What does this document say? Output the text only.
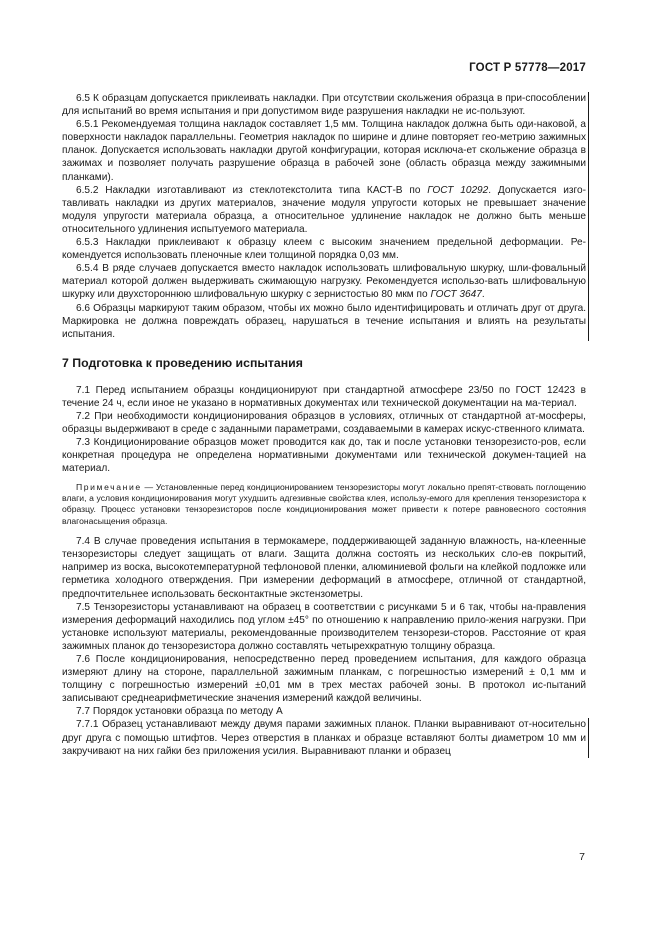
ГОСТ Р 57778—2017

6.5 К образцам допускается приклеивать накладки. При отсутствии скольжения образца в при-способлении для испытаний во время испытания и при допустимом виде разрушения накладки не ис-пользуют.

6.5.1 Рекомендуемая толщина накладок составляет 1,5 мм. Толщина накладок должна быть оди-наковой, а поверхности накладок параллельны. Геометрия накладок по ширине и длине повторяет гео-метрию зажимных планок. Допускается использовать накладки другой конфигурации, которая исключа-ет скольжение образца в зажимах и позволяет получать разрушение образца в рабочей зоне (область образца между зажимными планками).

6.5.2 Накладки изготавливают из стеклотекстолита типа КАСТ-В по ГОСТ 10292. Допускается изго-тавливать накладки из других материалов, значение модуля упругости которых не превышает значение модуля упругости материала образца, а относительное удлинение накладок не должно быть меньше относительного удлинения испытуемого материала.

6.5.3 Накладки приклеивают к образцу клеем с высоким значением предельной деформации. Ре-комендуется использовать пленочные клеи толщиной порядка 0,03 мм.

6.5.4 В ряде случаев допускается вместо накладок использовать шлифовальную шкурку, шли-фовальный материал которой должен выдерживать сжимающую нагрузку. Рекомендуется использо-вать шлифовальную шкурку или двухстороннюю шлифовальную шкурку с зернистостью 80 мкм по ГОСТ 3647.

6.6 Образцы маркируют таким образом, чтобы их можно было идентифицировать и отличать друг от друга. Маркировка не должна повреждать образец, нарушаться в течение испытания и влиять на результаты испытания.

7 Подготовка к проведению испытания

7.1 Перед испытанием образцы кондиционируют при стандартной атмосфере 23/50 по ГОСТ 12423 в течение 24 ч, если иное не указано в нормативных документах или технической документации на ма-териал.

7.2 При необходимости кондиционирования образцов в условиях, отличных от стандартной ат-мосферы, образцы выдерживают в среде с заданными параметрами, создаваемыми в камерах искус-ственного климата.

7.3 Кондиционирование образцов может проводится как до, так и после установки тензорезисто-ров, если конкретная процедура не определена нормативными документами или технической докумен-тацией на материал.

Примечание — Установленные перед кондиционированием тензорезисторы могут локально препят-ствовать поглощению влаги, а условия кондиционирования могут ухудшить адгезивные свойства клея, использу-емого для крепления тензорезистора к образцу. Процесс установки тензорезисторов после кондиционирования может привести к потере равновесного состояния влагонасыщения образца.

7.4 В случае проведения испытания в термокамере, поддерживающей заданную влажность, на-клеенные тензорезисторы следует защищать от влаги. Защита должна состоять из нескольких сло-ев покрытий, например из воска, высокотемпературной тефлоновой пленки, алюминиевой фольги на клейкой подложке или герметика холодного отверждения. При измерении деформаций в атмосфере, отличной от стандартной, предпочтительнее использовать бесконтактные экстензометры.

7.5 Тензорезисторы устанавливают на образец в соответствии с рисунками 5 и 6 так, чтобы на-правления измерения деформаций находились под углом ±45° по отношению к направлению прило-жения нагрузки. При установке используют материалы, рекомендованные производителем тензорези-сторов. Расстояние от края зажимных планок до тензорезистора должно составлять четырехкратную толщину образца.

7.6 После кондиционирования, непосредственно перед проведением испытания, для каждого образца измеряют длину на стороне, параллельной зажимным планкам, с погрешностью измерений ± 0,1 мм и толщину с погрешностью измерений ±0,01 мм в трех местах рабочей зоны. В протокол ис-пытаний записывают среднеарифметические значения измерений каждой величины.

7.7 Порядок установки образца по методу А

7.7.1 Образец устанавливают между двумя парами зажимных планок. Планки выравнивают от-носительно друг друга с помощью штифтов. Через отверстия в планках и образце вставляют болты диаметром 10 мм и закручивают на них гайки без приложения усилия. Выравнивают планки и образец

7
